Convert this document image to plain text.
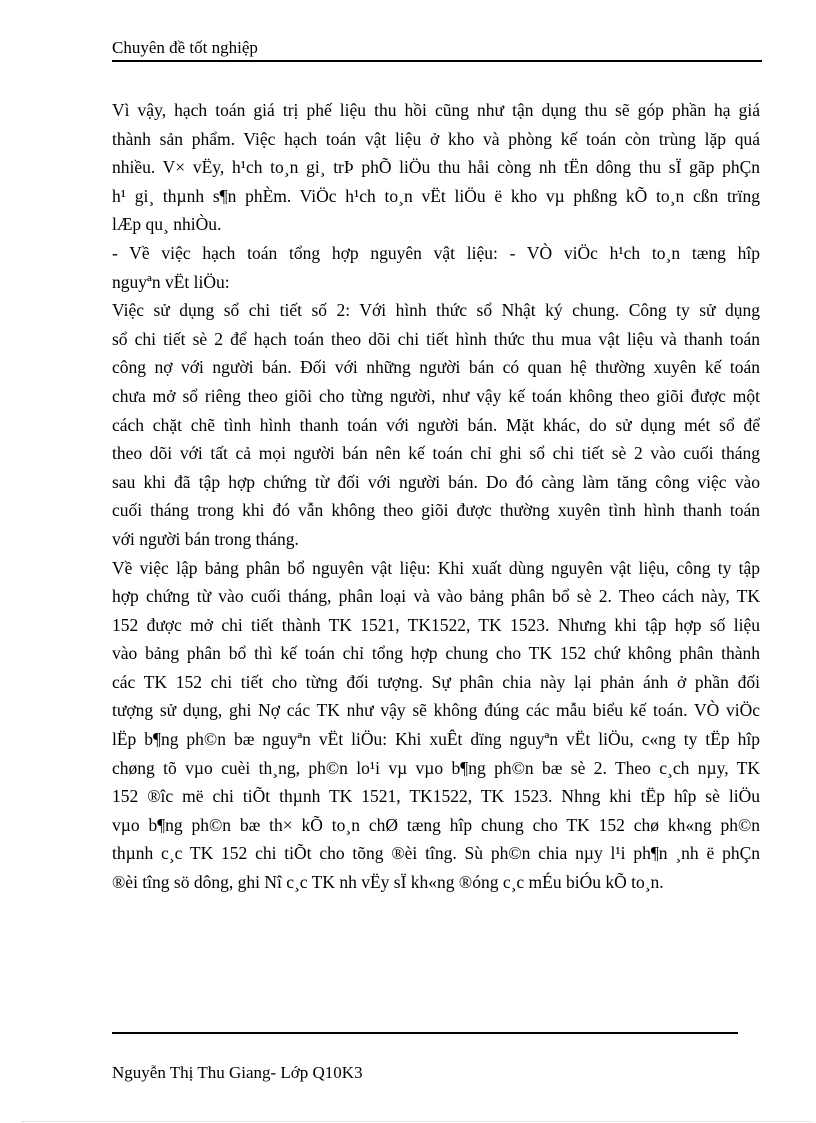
Chuyên đề tốt nghiệp
Vì vậy, hạch toán giá trị phế liệu thu hồi cũng như tận dụng thu sẽ góp phần hạ giá
thành sản phẩm. Việc hạch toán vật liệu ở kho và phòng kế toán còn trùng lặp quá
nhiều. V× vËy, h¹ch to¸n gi¸ trÞ phÕ liÖu thu håi còng nh tËn dông thu sÏ gãp phÇn
h¹ gi¸ thµnh s¶n phÈm. ViÖc h¹ch to¸n vËt liÖu ë kho vµ phßng kÕ to¸n cßn trïng
lÆp qu¸ nhiÒu.
- Về việc hạch toán tổng hợp nguyên vật liệu: - VÒ viÖc h¹ch to¸n tæng hîp
nguyªn vËt liÖu:
Việc sử dụng sổ chi tiết số 2: Với hình thức sổ Nhật ký chung. Công ty sử dụng
sổ chi tiết sè 2 để hạch toán theo dõi chi tiết hình thức thu mua vật liệu và thanh toán
công nợ với người bán. Đối với những người bán có quan hệ thường xuyên kế toán
chưa mở sổ riêng theo giõi cho từng người, như vậy kế toán không theo giõi được một
cách chặt chẽ tình hình thanh toán với người bán. Mặt khác, do sử dụng mét sổ để
theo dõi với tất cả mọi người bán nên kế toán chỉ ghi sổ chi tiết sè 2 vào cuối tháng
sau khi đã tập hợp chứng từ đối với người bán. Do đó càng làm tăng công việc vào
cuối tháng trong khi đó vẫn không theo giõi được thường xuyên tình hình thanh toán
với người bán trong tháng.
Về việc lập bảng phân bổ nguyên vật liệu: Khi xuất dùng nguyên vật liệu, công ty tập
hợp chứng từ vào cuối tháng, phân loại và vào bảng phân bổ sè 2. Theo cách này, TK
152 được mở chi tiết thành TK 1521, TK1522, TK 1523. Nhưng khi tập hợp số liệu
vào bảng phân bổ thì kế toán chỉ tổng hợp chung cho TK 152 chứ không phân thành
các TK 152 chi tiết cho từng đối tượng. Sự phân chia này lại phản ánh ở phần đối
tượng sử dụng, ghi Nợ các TK như vậy sẽ không đúng các mẫu biểu kế toán. VÒ viÖc
lËp b¶ng ph©n bæ nguyªn vËt liÖu: Khi xuÊt dïng nguyªn vËt liÖu, c«ng ty tËp hîp
chøng tõ vµo cuèi th¸ng, ph©n lo¹i vµ vµo b¶ng ph©n bæ sè 2. Theo c¸ch nµy, TK
152 ®îc më chi tiÕt thµnh TK 1521, TK1522, TK 1523. Nhng khi tËp hîp sè liÖu
vµo b¶ng ph©n bæ th× kÕ to¸n chØ tæng hîp chung cho TK 152 chø kh«ng ph©n
thµnh c¸c TK 152 chi tiÕt cho tõng ®èi tîng. Sù ph©n chia nµy l¹i ph¶n ¸nh ë phÇn
®èi tîng sö dông, ghi Nî c¸c TK nh vËy sÏ kh«ng ®óng c¸c mÉu biÓu kÕ to¸n.
Nguyễn Thị Thu Giang- Lớp Q10K3
